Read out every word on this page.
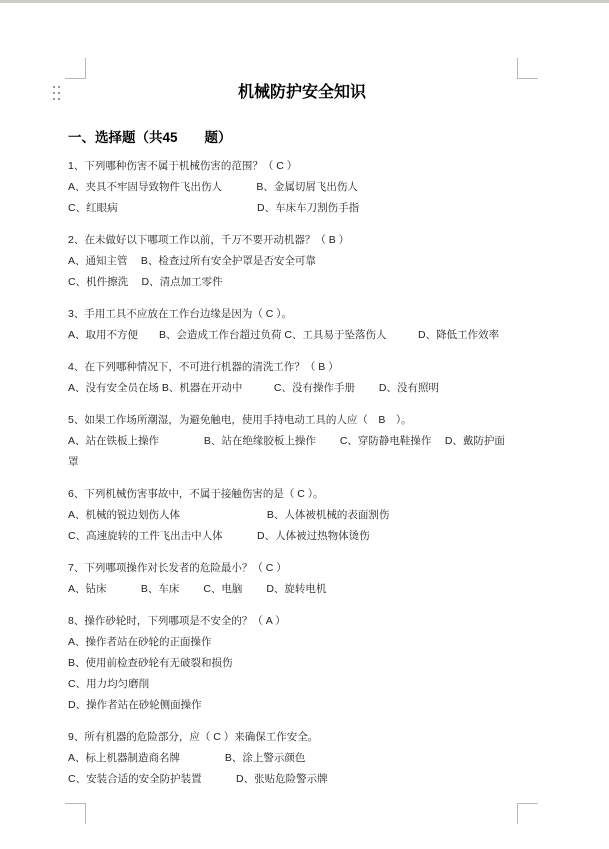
机械防护安全知识
一、选择题（共45　　题）
1、下列哪种伤害不属于机械伤害的范围？（ C ）
A、夹具不牢固导致物件飞出伤人　　　 B、金属切屑飞出伤人
C、红眼病　　　　　　　　　　　　　 D、车床车刀割伤手指
2、在未做好以下哪项工作以前，千万不要开动机器？（ B ）
A、通知主管　 B、检查过所有安全护罩是否安全可靠
C、机件擦洗　 D、清点加工零件
3、手用工具不应放在工作台边缘是因为（ C ）。
A、取用不方便　　B、会造成工作台超过负荷 C、工具易于坠落伤人　　　D、降低工作效率
4、在下列哪种情况下，不可进行机器的清洗工作？（ B ）
A、没有安全员在场 B、机器在开动中　　　C、没有操作手册　　 D、没有照明
5、如果工作场所潮湿，为避免触电，使用手持电动工具的人应（　B　）。
A、站在铁板上操作　　　　 B、站在绝缘胶板上操作　　 C、穿防静电鞋操作　 D、戴防护面
罩
6、下列机械伤害事故中，不属于接触伤害的是（ C ）。
A、机械的锐边划伤人体　　　　　　　　 B、人体被机械的表面割伤
C、高速旋转的工件飞出击中人体　　　 D、人体被过热物体烫伤
7、下列哪项操作对长发者的危险最小？（ C ）
A、钻床　　　 B、车床　　 C、电脑　　 D、旋转电机
8、操作砂轮时，下列哪项是不安全的？（ A ）
A、操作者站在砂轮的正面操作
B、使用前检查砂轮有无破裂和损伤
C、用力均匀磨削
D、操作者站在砂轮侧面操作
9、所有机器的危险部分，应（ C ）来确保工作安全。
A、标上机器制造商名牌　　　　 B、涂上警示颜色
C、安装合适的安全防护装置　　　 D、张贴危险警示牌
